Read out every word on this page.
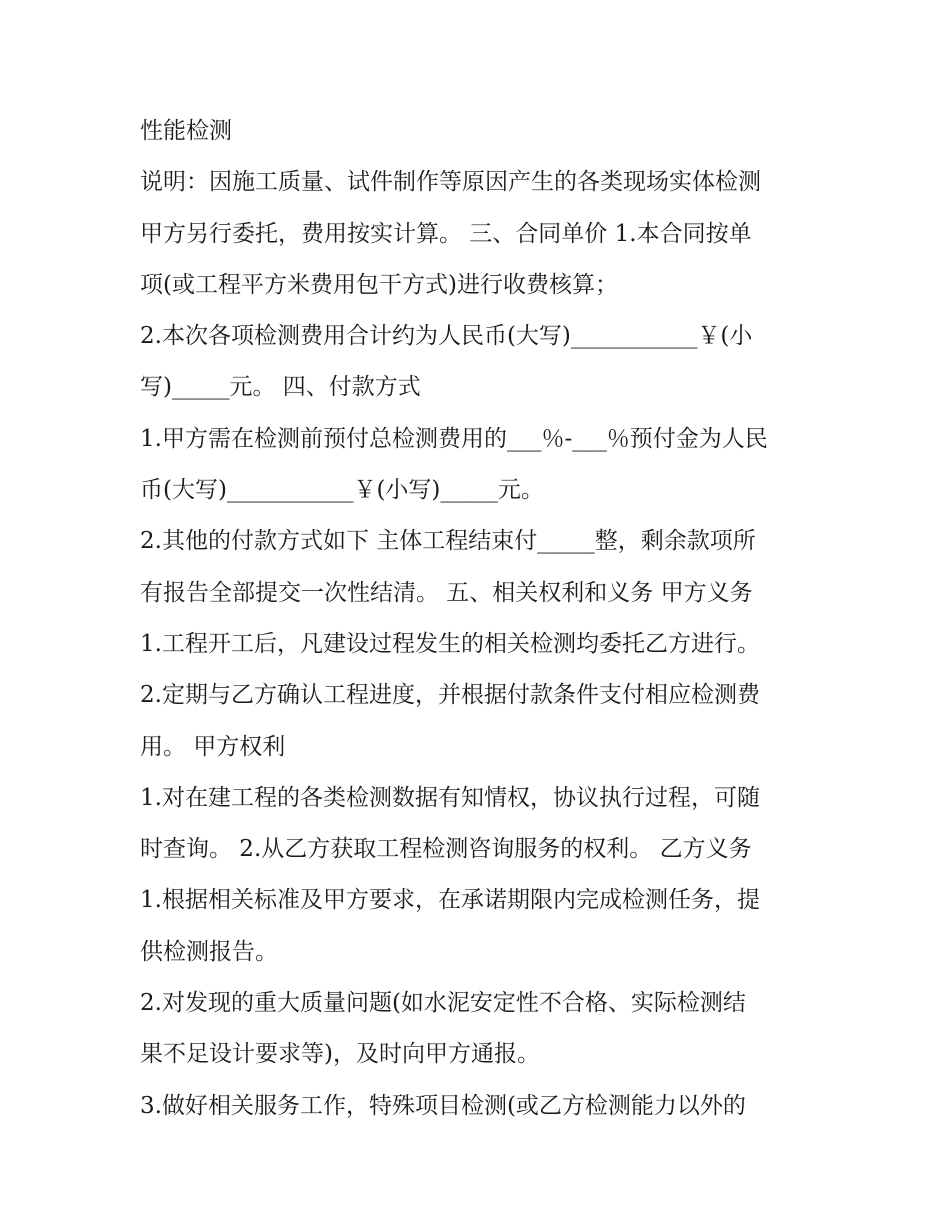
性能检测
说明：因施工质量、试件制作等原因产生的各类现场实体检测
甲方另行委托，费用按实计算。 三、合同单价 1.本合同按单
项(或工程平方米费用包干方式)进行收费核算；
2.本次各项检测费用合计约为人民币(大写)___________￥(小
写)_____元。 四、付款方式
1.甲方需在检测前预付总检测费用的___％-___％预付金为人民
币(大写)___________￥(小写)_____元。
2.其他的付款方式如下 主体工程结束付_____整，剩余款项所
有报告全部提交一次性结清。 五、相关权利和义务 甲方义务
1.工程开工后，凡建设过程发生的相关检测均委托乙方进行。
2.定期与乙方确认工程进度，并根据付款条件支付相应检测费
用。 甲方权利
1.对在建工程的各类检测数据有知情权，协议执行过程，可随
时查询。 2.从乙方获取工程检测咨询服务的权利。 乙方义务
1.根据相关标准及甲方要求，在承诺期限内完成检测任务，提
供检测报告。
2.对发现的重大质量问题(如水泥安定性不合格、实际检测结
果不足设计要求等)，及时向甲方通报。
3.做好相关服务工作，特殊项目检测(或乙方检测能力以外的
